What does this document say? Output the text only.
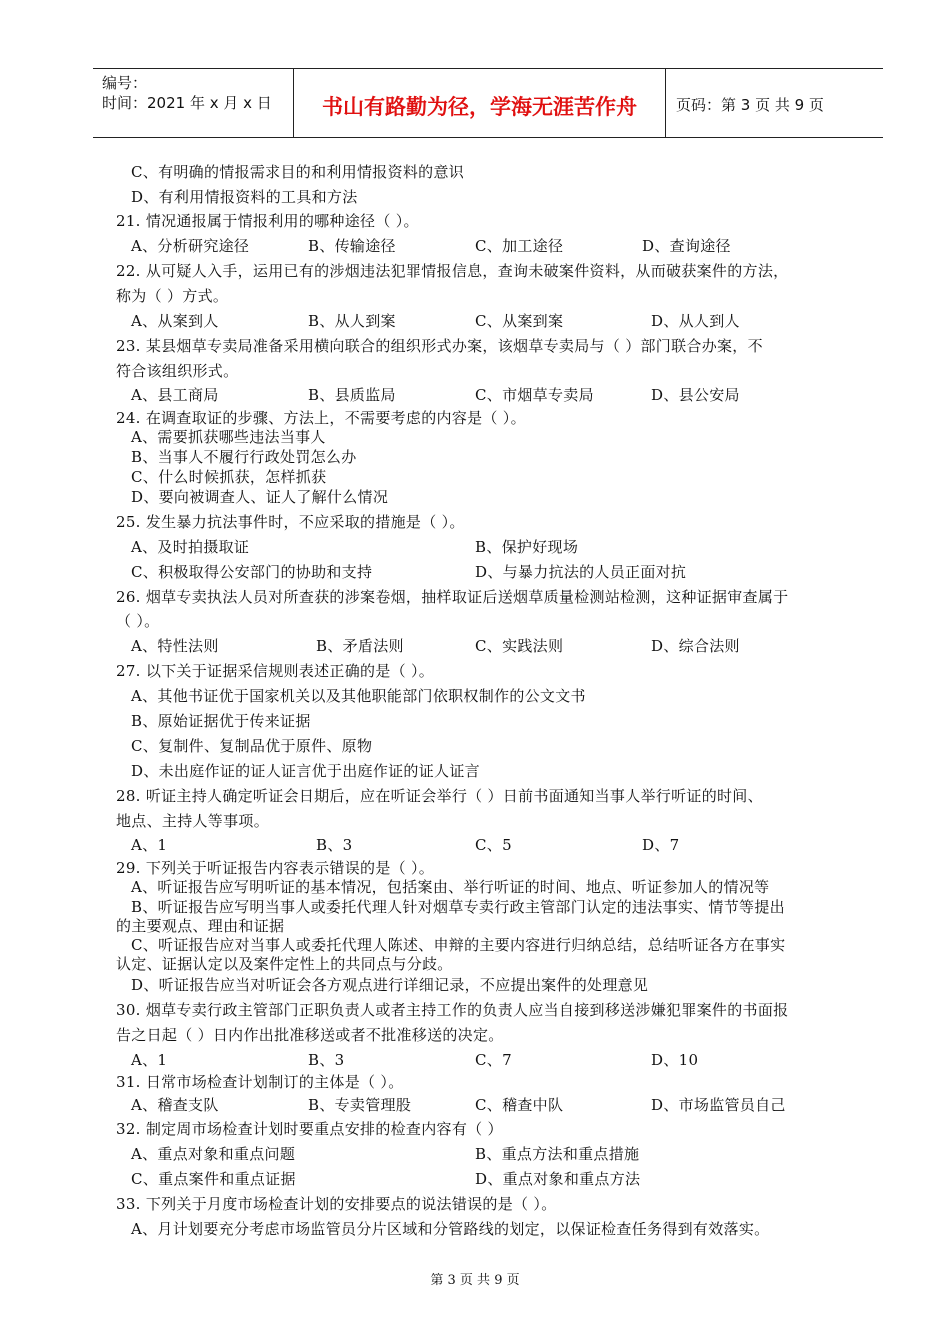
编号：
时间：2021 年 x 月 x 日	书山有路勤为径，学海无涯苦作舟	页码：第 3 页 共 9 页
C、有明确的情报需求目的和利用情报资料的意识
D、有利用情报资料的工具和方法
21. 情况通报属于情报利用的哪种途径（ ）。
A、分析研究途径	B、传输途径	C、加工途径	D、查询途径
22. 从可疑人入手，运用已有的涉烟违法犯罪情报信息，查询未破案件资料，从而破获案件的方法，
称为（ ）方式。
A、从案到人	B、从人到案	C、从案到案	D、从人到人
23. 某县烟草专卖局准备采用横向联合的组织形式办案，该烟草专卖局与（ ）部门联合办案，不
符合该组织形式。
A、县工商局	B、县质监局	C、市烟草专卖局	D、县公安局
24. 在调查取证的步骤、方法上，不需要考虑的内容是（ ）。
A、需要抓获哪些违法当事人
B、当事人不履行行政处罚怎么办
C、什么时候抓获，怎样抓获
D、要向被调查人、证人了解什么情况
25. 发生暴力抗法事件时，不应采取的措施是（ ）。
A、及时拍摄取证	B、保护好现场
C、积极取得公安部门的协助和支持	D、与暴力抗法的人员正面对抗
26. 烟草专卖执法人员对所查获的涉案卷烟，抽样取证后送烟草质量检测站检测，这种证据审查属于
（ ）。
A、特性法则	B、矛盾法则	C、实践法则	D、综合法则
27. 以下关于证据采信规则表述正确的是（ ）。
A、其他书证优于国家机关以及其他职能部门依职权制作的公文文书
B、原始证据优于传来证据
C、复制件、复制品优于原件、原物
D、未出庭作证的证人证言优于出庭作证的证人证言
28. 听证主持人确定听证会日期后，应在听证会举行（ ）日前书面通知当事人举行听证的时间、
地点、主持人等事项。
A、1	B、3	C、5	D、7
29. 下列关于听证报告内容表示错误的是（ ）。
A、听证报告应写明听证的基本情况，包括案由、举行听证的时间、地点、听证参加人的情况等
B、听证报告应写明当事人或委托代理人针对烟草专卖行政主管部门认定的违法事实、情节等提出
的主要观点、理由和证据
C、听证报告应对当事人或委托代理人陈述、申辩的主要内容进行归纳总结，总结听证各方在事实
认定、证据认定以及案件定性上的共同点与分歧。
D、听证报告应当对听证会各方观点进行详细记录，不应提出案件的处理意见
30. 烟草专卖行政主管部门正职负责人或者主持工作的负责人应当自接到移送涉嫌犯罪案件的书面报
告之日起（ ）日内作出批准移送或者不批准移送的决定。
A、1	B、3	C、7	D、10
31. 日常市场检查计划制订的主体是（ ）。
A、稽查支队	B、专卖管理股	C、稽查中队	D、市场监管员自己
32. 制定周市场检查计划时要重点安排的检查内容有（ ）
A、重点对象和重点问题	B、重点方法和重点措施
C、重点案件和重点证据	D、重点对象和重点方法
33. 下列关于月度市场检查计划的安排要点的说法错误的是（ ）。
A、月计划要充分考虑市场监管员分片区域和分管路线的划定，以保证检查任务得到有效落实。
第 3 页 共 9 页
